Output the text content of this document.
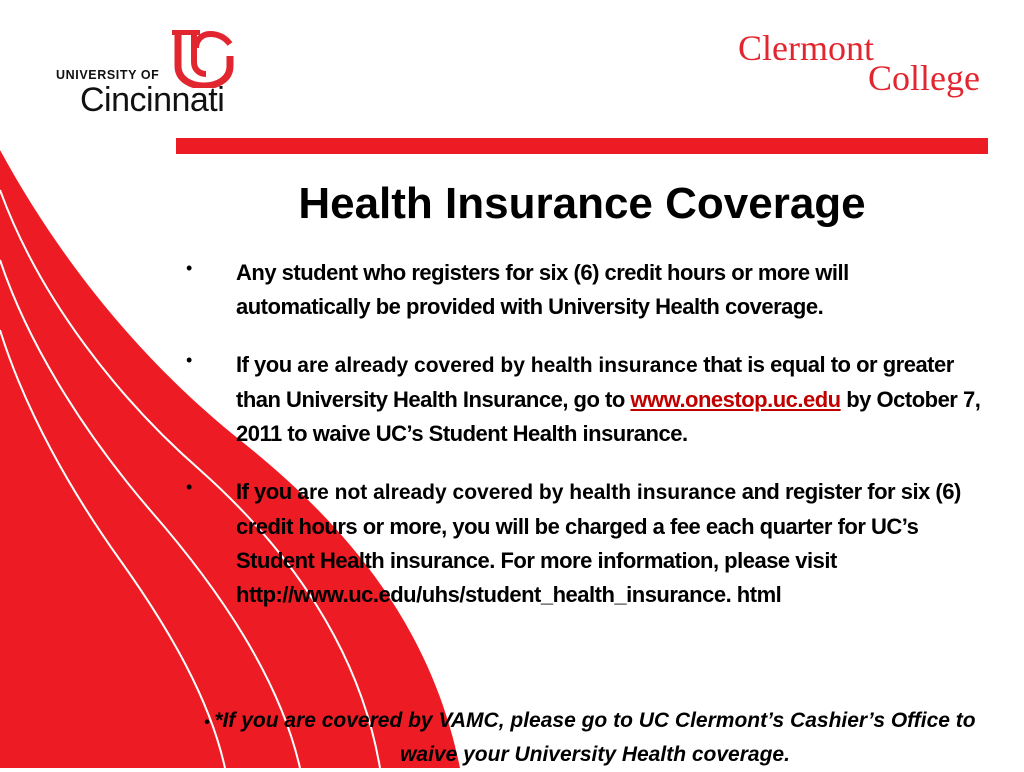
UNIVERSITY OF
Cincinnati
Clermont
College
Health Insurance Coverage
• Any student who registers for six (6) credit hours or more will automatically be provided with University Health coverage.
• If you are already covered by health insurance that is equal to or greater than University Health Insurance, go to www.onestop.uc.edu by October 7, 2011 to waive UC’s Student Health insurance.
• If you are not already covered by health insurance and register for six (6) credit hours or more, you will be charged a fee each quarter for UC’s Student Health insurance. For more information, please visit http://www.uc.edu/uhs/student_health_insurance. html
• *If you are covered by VAMC, please go to UC Clermont’s Cashier’s Office to waive your University Health coverage.
